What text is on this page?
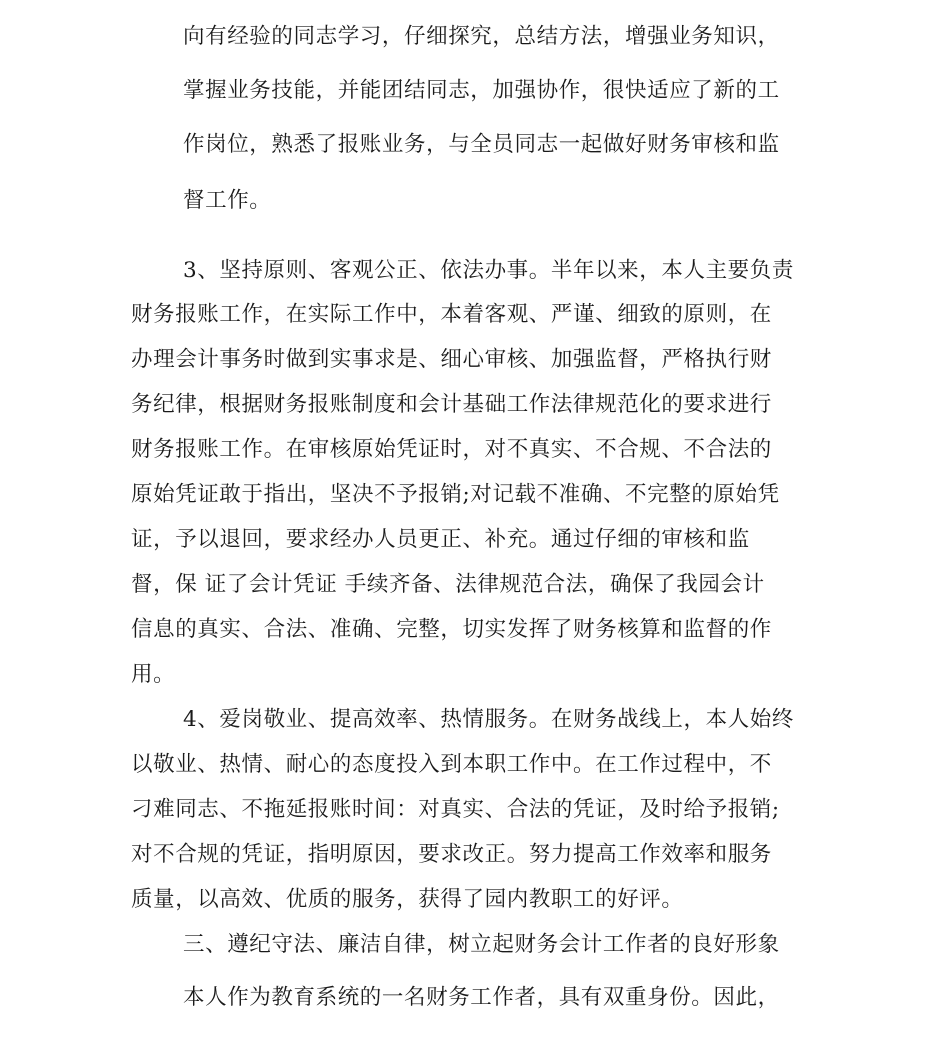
向有经验的同志学习，仔细探究，总结方法，增强业务知识，
掌握业务技能，并能团结同志，加强协作，很快适应了新的工
作岗位，熟悉了报账业务，与全员同志一起做好财务审核和监
督工作。
3、坚持原则、客观公正、依法办事。半年以来，本人主要负责
财务报账工作，在实际工作中，本着客观、严谨、细致的原则，在
办理会计事务时做到实事求是、细心审核、加强监督，严格执行财
务纪律，根据财务报账制度和会计基础工作法律规范化的要求进行
财务报账工作。在审核原始凭证时，对不真实、不合规、不合法的
原始凭证敢于指出，坚决不予报销;对记载不准确、不完整的原始凭
证，予以退回，要求经办人员更正、补充。通过仔细的审核和监
督，保 证了会计凭证 手续齐备、法律规范合法，确保了我园会计
信息的真实、合法、准确、完整，切实发挥了财务核算和监督的作
用。
4、爱岗敬业、提高效率、热情服务。在财务战线上，本人始终
以敬业、热情、耐心的态度投入到本职工作中。在工作过程中，不
刁难同志、不拖延报账时间：对真实、合法的凭证，及时给予报销;
对不合规的凭证，指明原因，要求改正。努力提高工作效率和服务
质量，以高效、优质的服务，获得了园内教职工的好评。
三、遵纪守法、廉洁自律，树立起财务会计工作者的良好形象
本人作为教育系统的一名财务工作者，具有双重身份。因此，
